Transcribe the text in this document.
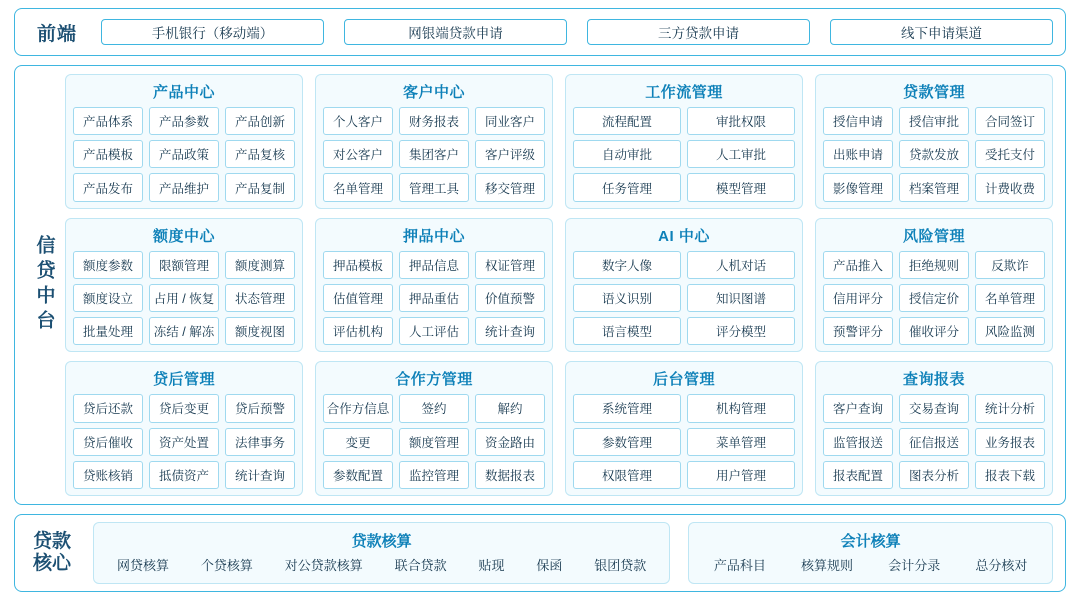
前端	手机银行（移动端）	网银端贷款申请	三方贷款申请	线下申请渠道
信贷中台
产品中心
产品体系	产品参数	产品创新
产品模板	产品政策	产品复核
产品发布	产品维护	产品复制
客户中心
个人客户	财务报表	同业客户
对公客户	集团客户	客户评级
名单管理	管理工具	移交管理
工作流管理
流程配置	审批权限
自动审批	人工审批
任务管理	模型管理
贷款管理
授信申请	授信审批	合同签订
出账申请	贷款发放	受托支付
影像管理	档案管理	计费收费
额度中心
额度参数	限额管理	额度测算
额度设立	占用 / 恢复	状态管理
批量处理	冻结 / 解冻	额度视图
押品中心
押品模板	押品信息	权证管理
估值管理	押品重估	价值预警
评估机构	人工评估	统计查询
AI 中心
数字人像	人机对话
语义识别	知识图谱
语言模型	评分模型
风险管理
产品推入	拒绝规则	反欺诈
信用评分	授信定价	名单管理
预警评分	催收评分	风险监测
贷后管理
贷后还款	贷后变更	贷后预警
贷后催收	资产处置	法律事务
贷账核销	抵债资产	统计查询
合作方管理
合作方信息	签约	解约
变更	额度管理	资金路由
参数配置	监控管理	数据报表
后台管理
系统管理	机构管理
参数管理	菜单管理
权限管理	用户管理
查询报表
客户查询	交易查询	统计分析
监管报送	征信报送	业务报表
报表配置	图表分析	报表下载
贷款
核心
贷款核算
网贷核算 个贷核算 对公贷款核算 联合贷款 贴现 保函 银团贷款
会计核算
产品科目	核算规则	会计分录	总分核对
